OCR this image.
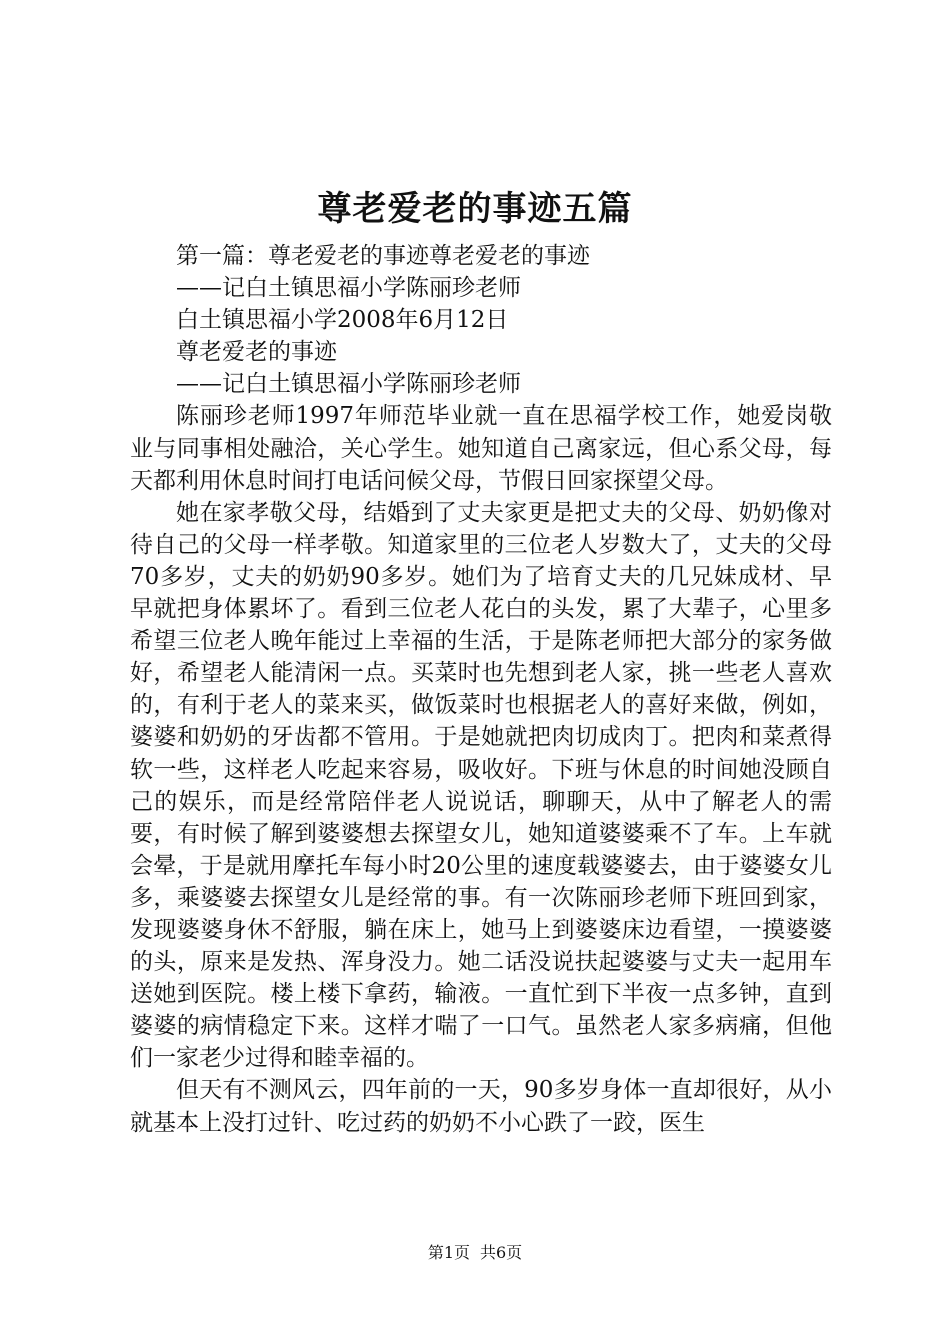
尊老爱老的事迹五篇

第一篇：尊老爱老的事迹尊老爱老的事迹

——记白土镇思福小学陈丽珍老师

白土镇思福小学2008年6月12日

尊老爱老的事迹

——记白土镇思福小学陈丽珍老师

陈丽珍老师1997年师范毕业就一直在思福学校工作，她爱岗敬业与同事相处融洽，关心学生。她知道自己离家远，但心系父母，每天都利用休息时间打电话问候父母，节假日回家探望父母。

她在家孝敬父母，结婚到了丈夫家更是把丈夫的父母、奶奶像对待自己的父母一样孝敬。知道家里的三位老人岁数大了，丈夫的父母70多岁，丈夫的奶奶90多岁。她们为了培育丈夫的几兄妹成材、早早就把身体累坏了。看到三位老人花白的头发，累了大辈子，心里多希望三位老人晚年能过上幸福的生活，于是陈老师把大部分的家务做好，希望老人能清闲一点。买菜时也先想到老人家，挑一些老人喜欢的，有利于老人的菜来买，做饭菜时也根据老人的喜好来做，例如，婆婆和奶奶的牙齿都不管用。于是她就把肉切成肉丁。把肉和菜煮得软一些，这样老人吃起来容易，吸收好。下班与休息的时间她没顾自己的娱乐，而是经常陪伴老人说说话，聊聊天，从中了解老人的需要，有时候了解到婆婆想去探望女儿，她知道婆婆乘不了车。上车就会晕，于是就用摩托车每小时20公里的速度载婆婆去，由于婆婆女儿多，乘婆婆去探望女儿是经常的事。有一次陈丽珍老师下班回到家，发现婆婆身休不舒服，躺在床上，她马上到婆婆床边看望，一摸婆婆的头，原来是发热、浑身没力。她二话没说扶起婆婆与丈夫一起用车送她到医院。楼上楼下拿药，输液。一直忙到下半夜一点多钟，直到婆婆的病情稳定下来。这样才喘了一口气。虽然老人家多病痛，但他们一家老少过得和睦幸福的。

但天有不测风云，四年前的一天，90多岁身体一直却很好，从小就基本上没打过针、吃过药的奶奶不小心跌了一跤，医生

第1页 共6页
